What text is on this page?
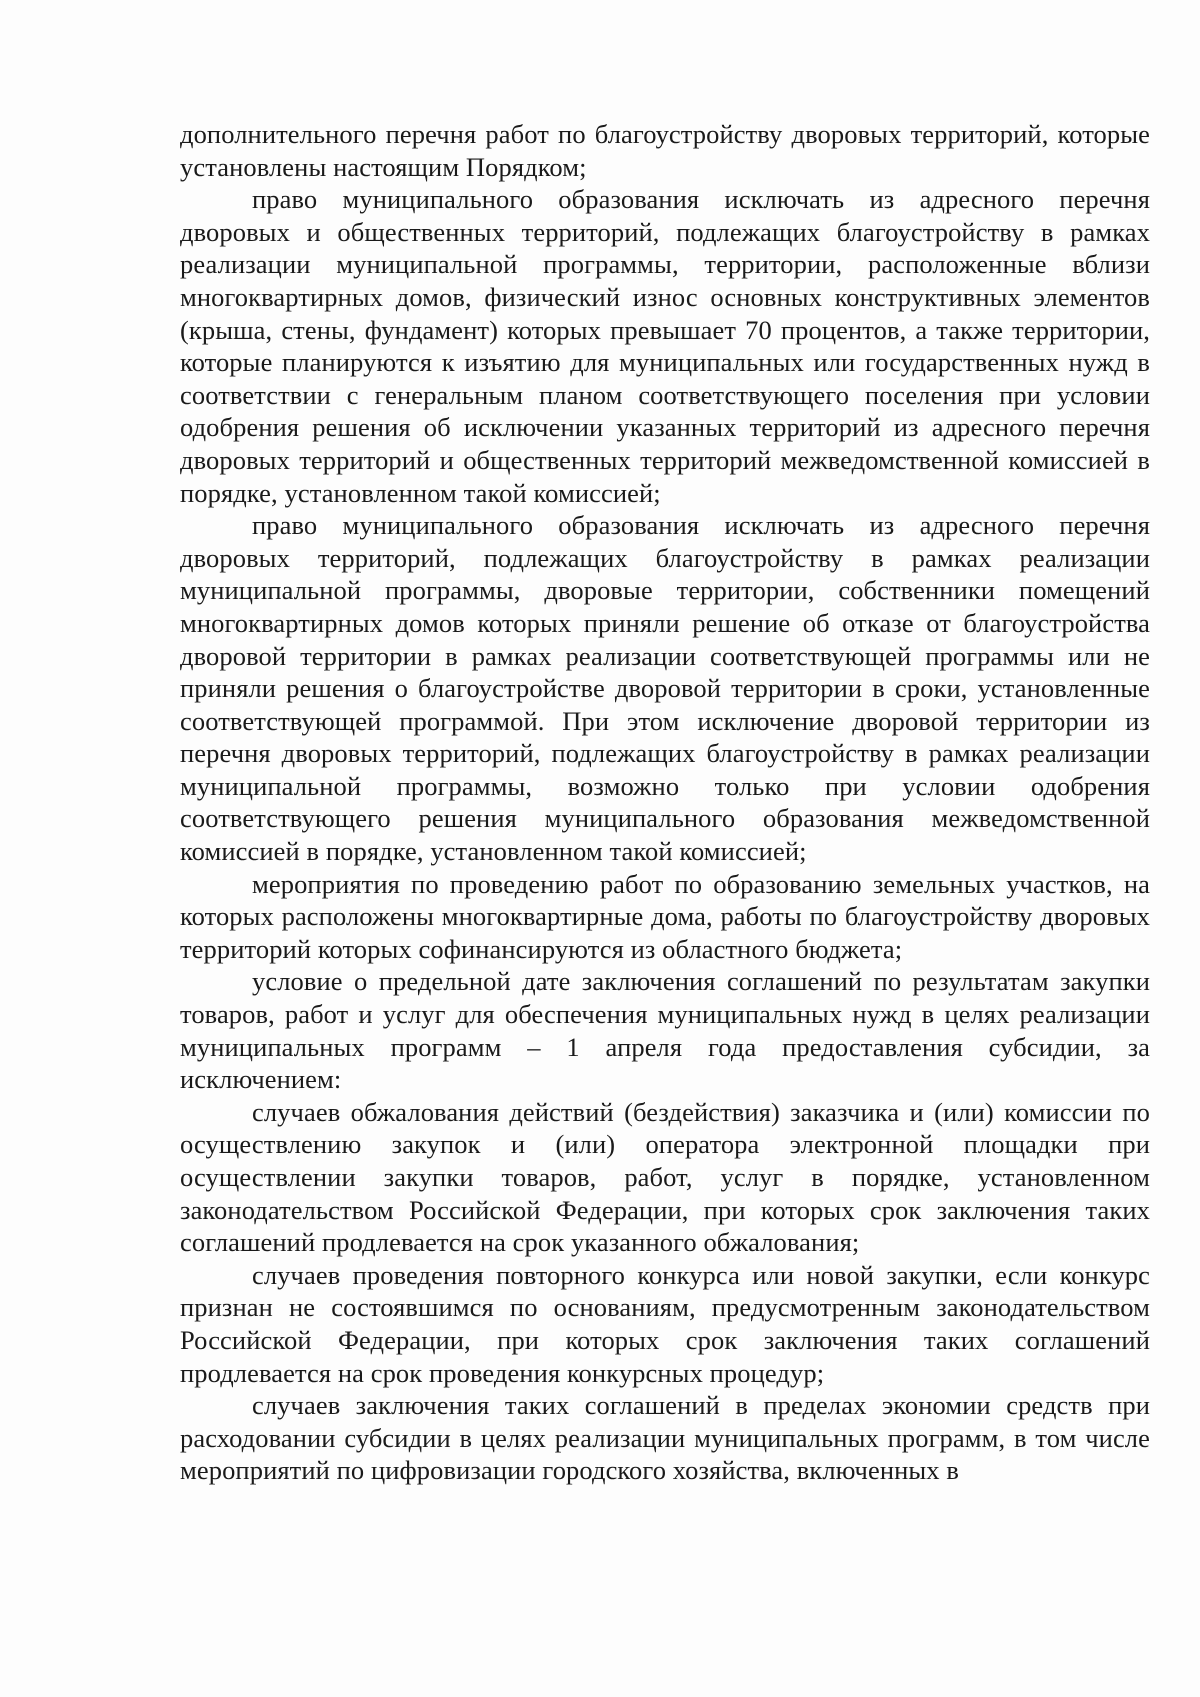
дополнительного перечня работ по благоустройству дворовых территорий, которые установлены настоящим Порядком;

право муниципального образования исключать из адресного перечня дворовых и общественных территорий, подлежащих благоустройству в рамках реализации муниципальной программы, территории, расположенные вблизи многоквартирных домов, физический износ основных конструктивных элементов (крыша, стены, фундамент) которых превышает 70 процентов, а также территории, которые планируются к изъятию для муниципальных или государственных нужд в соответствии с генеральным планом соответствующего поселения при условии одобрения решения об исключении указанных территорий из адресного перечня дворовых территорий и общественных территорий межведомственной комиссией в порядке, установленном такой комиссией;

право муниципального образования исключать из адресного перечня дворовых территорий, подлежащих благоустройству в рамках реализации муниципальной программы, дворовые территории, собственники помещений многоквартирных домов которых приняли решение об отказе от благоустройства дворовой территории в рамках реализации соответствующей программы или не приняли решения о благоустройстве дворовой территории в сроки, установленные соответствующей программой. При этом исключение дворовой территории из перечня дворовых территорий, подлежащих благоустройству в рамках реализации муниципальной программы, возможно только при условии одобрения соответствующего решения муниципального образования межведомственной комиссией в порядке, установленном такой комиссией;

мероприятия по проведению работ по образованию земельных участков, на которых расположены многоквартирные дома, работы по благоустройству дворовых территорий которых софинансируются из областного бюджета;

условие о предельной дате заключения соглашений по результатам закупки товаров, работ и услуг для обеспечения муниципальных нужд в целях реализации муниципальных программ – 1 апреля года предоставления субсидии, за исключением:

случаев обжалования действий (бездействия) заказчика и (или) комиссии по осуществлению закупок и (или) оператора электронной площадки при осуществлении закупки товаров, работ, услуг в порядке, установленном законодательством Российской Федерации, при которых срок заключения таких соглашений продлевается на срок указанного обжалования;

случаев проведения повторного конкурса или новой закупки, если конкурс признан не состоявшимся по основаниям, предусмотренным законодательством Российской Федерации, при которых срок заключения таких соглашений продлевается на срок проведения конкурсных процедур;

случаев заключения таких соглашений в пределах экономии средств при расходовании субсидии в целях реализации муниципальных программ, в том числе мероприятий по цифровизации городского хозяйства, включенных в
